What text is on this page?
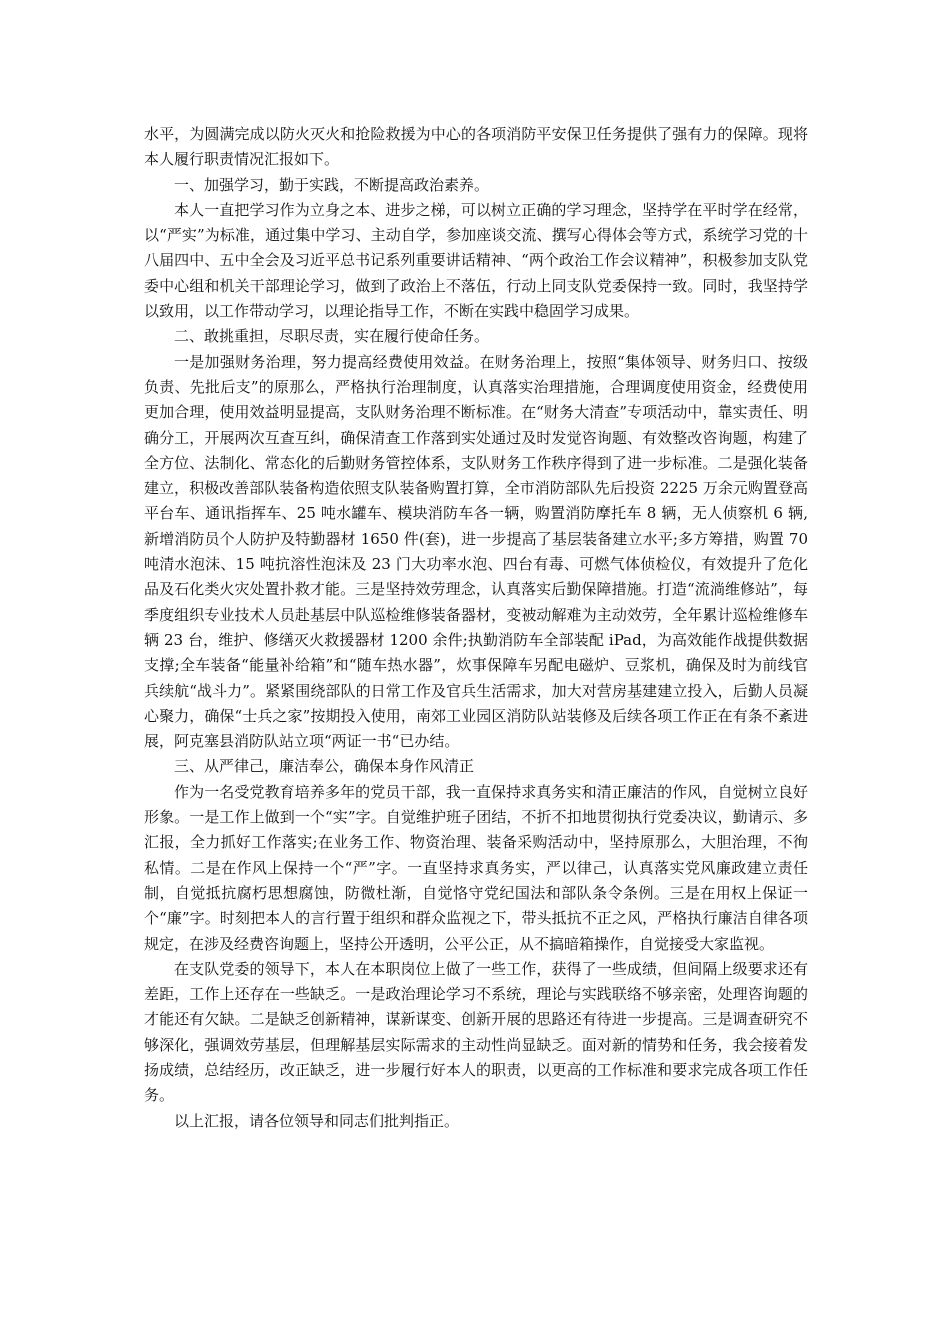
水平，为圆满完成以防火灭火和抢险救援为中心的各项消防平安保卫任务提供了强有力的保障。现将本人履行职责情况汇报如下。

一、加强学习，勤于实践，不断提高政治素养。

本人一直把学习作为立身之本、进步之梯，可以树立正确的学习理念，坚持学在平时学在经常，以“严实”为标准，通过集中学习、主动自学，参加座谈交流、撰写心得体会等方式，系统学习党的十八届四中、五中全会及习近平总书记系列重要讲话精神、“两个政治工作会议精神”，积极参加支队党委中心组和机关干部理论学习，做到了政治上不落伍，行动上同支队党委保持一致。同时，我坚持学以致用，以工作带动学习，以理论指导工作，不断在实践中稳固学习成果。

二、敢挑重担，尽职尽责，实在履行使命任务。

一是加强财务治理，努力提高经费使用效益。在财务治理上，按照“集体领导、财务归口、按级负责、先批后支”的原那么，严格执行治理制度，认真落实治理措施，合理调度使用资金，经费使用更加合理，使用效益明显提高，支队财务治理不断标准。在“财务大清查”专项活动中，靠实责任、明确分工，开展两次互查互纠，确保清查工作落到实处通过及时发觉咨询题、有效整改咨询题，构建了全方位、法制化、常态化的后勤财务管控体系，支队财务工作秩序得到了进一步标准。二是强化装备建立，积极改善部队装备构造依照支队装备购置打算，全市消防部队先后投资 2225 万余元购置登高平台车、通讯指挥车、25 吨水罐车、模块消防车各一辆，购置消防摩托车 8 辆，无人侦察机 6 辆,新增消防员个人防护及特勤器材 1650 件(套)，进一步提高了基层装备建立水平;多方筹措，购置 70 吨清水泡沫、15 吨抗溶性泡沫及 23 门大功率水泡、四台有毒、可燃气体侦检仪，有效提升了危化品及石化类火灾处置扑救才能。三是坚持效劳理念，认真落实后勤保障措施。打造“流淌维修站”，每季度组织专业技术人员赴基层中队巡检维修装备器材，变被动解难为主动效劳，全年累计巡检维修车辆 23 台，维护、修缮灭火救援器材 1200 余件;执勤消防车全部装配 iPad，为高效能作战提供数据支撑;全车装备“能量补给箱”和“随车热水器”，炊事保障车另配电磁炉、豆浆机，确保及时为前线官兵续航“战斗力”。紧紧围绕部队的日常工作及官兵生活需求，加大对营房基建建立投入，后勤人员凝心聚力，确保“士兵之家”按期投入使用，南郊工业园区消防队站装修及后续各项工作正在有条不紊进展，阿克塞县消防队站立项“两证一书“已办结。

三、从严律己，廉洁奉公，确保本身作风清正

作为一名受党教育培养多年的党员干部，我一直保持求真务实和清正廉洁的作风，自觉树立良好形象。一是工作上做到一个“实”字。自觉维护班子团结，不折不扣地贯彻执行党委决议，勤请示、多汇报，全力抓好工作落实;在业务工作、物资治理、装备采购活动中，坚持原那么，大胆治理，不徇私情。二是在作风上保持一个“严”字。一直坚持求真务实，严以律己，认真落实党风廉政建立责任制，自觉抵抗腐朽思想腐蚀，防微杜渐，自觉恪守党纪国法和部队条令条例。三是在用权上保证一个“廉”字。时刻把本人的言行置于组织和群众监视之下，带头抵抗不正之风，严格执行廉洁自律各项规定，在涉及经费咨询题上，坚持公开透明，公平公正，从不搞暗箱操作，自觉接受大家监视。

在支队党委的领导下，本人在本职岗位上做了一些工作，获得了一些成绩，但间隔上级要求还有差距，工作上还存在一些缺乏。一是政治理论学习不系统，理论与实践联络不够亲密，处理咨询题的才能还有欠缺。二是缺乏创新精神，谋新谋变、创新开展的思路还有待进一步提高。三是调查研究不够深化，强调效劳基层，但理解基层实际需求的主动性尚显缺乏。面对新的情势和任务，我会接着发扬成绩，总结经历，改正缺乏，进一步履行好本人的职责，以更高的工作标准和要求完成各项工作任务。

以上汇报，请各位领导和同志们批判指正。
